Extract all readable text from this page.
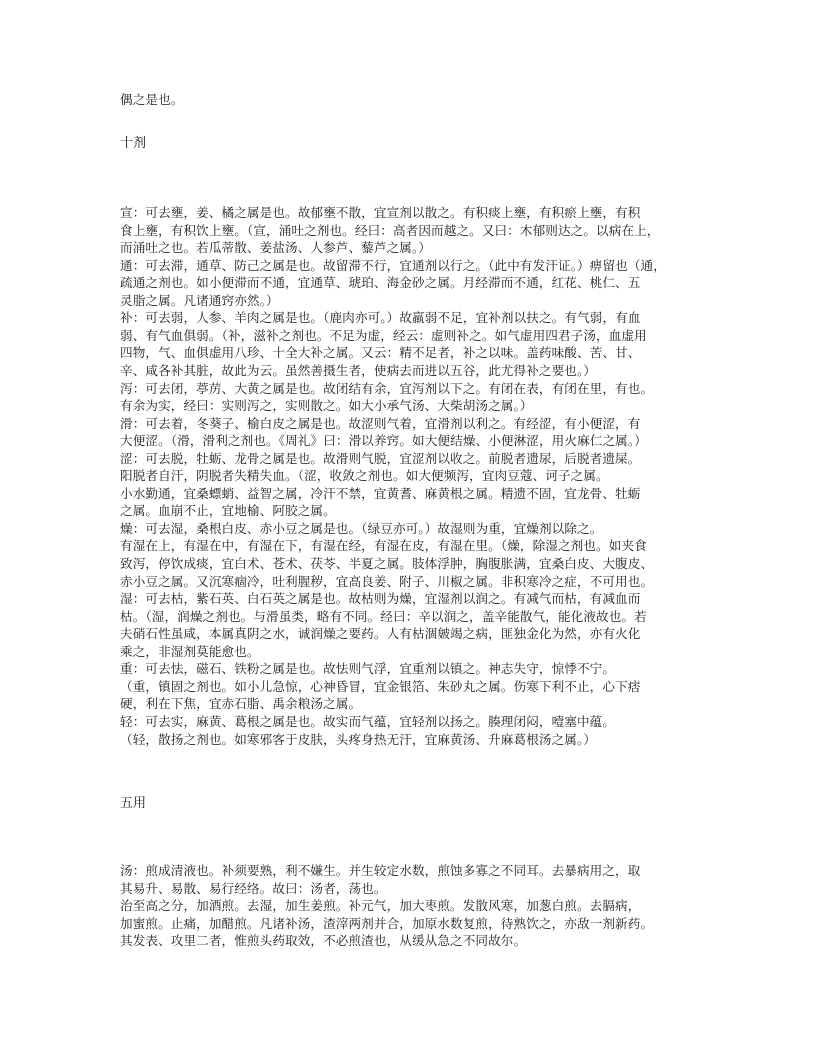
偶之是也。
十剂
宣：可去壅，姜、橘之属是也。故郁壅不散，宜宣剂以散之。有积痰上壅，有积瘀上壅，有积
食上壅，有积饮上壅。（宣，涌吐之剂也。经曰：高者因而越之。又曰：木郁则达之。以病在上，
而涌吐之也。若瓜蒂散、姜盐汤、人参芦、藜芦之属。）
通：可去滞，通草、防己之属是也。故留滞不行，宜通剂以行之。（此中有发汗证。）痹留也（通，
疏通之剂也。如小便滞而不通，宜通草、琥珀、海金砂之属。月经滞而不通，红花、桃仁、五
灵脂之属。凡诸通窍亦然。）
补：可去弱，人参、羊肉之属是也。（鹿肉亦可。）故羸弱不足，宜补剂以扶之。有气弱，有血
弱、有气血俱弱。（补，滋补之剂也。不足为虚，经云：虚则补之。如气虚用四君子汤，血虚用
四物，气、血俱虚用八珍、十全大补之属。又云：精不足者，补之以味。盖药味酸、苦、甘、
辛、咸各补其脏，故此为云。虽然善摄生者，使病去而进以五谷，此尤得补之要也。）
泻：可去闭，葶苈、大黄之属是也。故闭结有余，宜泻剂以下之。有闭在表，有闭在里，有也。
有余为实，经曰：实则泻之，实则散之。如大小承气汤、大柴胡汤之属。）
滑：可去着，冬葵子、榆白皮之属是也。故涩则气着，宜滑剂以利之。有经涩，有小便涩，有
大便涩。（滑，滑利之剂也。《周礼》曰：滑以养窍。如大便结燥、小便淋涩，用火麻仁之属。）
涩：可去脱，牡蛎、龙骨之属是也。故滑则气脱，宜涩剂以收之。前脱者遗尿，后脱者遗屎。
阳脱者自汗，阴脱者失精失血。（涩，收敛之剂也。如大便频泻，宜肉豆蔻、诃子之属。
小水勤通，宜桑螵蛸、益智之属，冷汗不禁，宜黄耆、麻黄根之属。精遗不固，宜龙骨、牡蛎
之属。血崩不止，宜地榆、阿胶之属。
燥：可去湿，桑根白皮、赤小豆之属是也。（绿豆亦可。）故湿则为重，宜燥剂以除之。
有湿在上，有湿在中，有湿在下，有湿在经，有湿在皮，有湿在里。（燥，除湿之剂也。如夹食
致泻，停饮成痰，宜白术、苍术、茯苓、半夏之属。肢体浮肿，胸腹胀满，宜桑白皮、大腹皮、
赤小豆之属。又沉寒痼冷，吐利腥秽，宜高良姜、附子、川椒之属。非积寒冷之症，不可用也。
湿：可去枯，紫石英、白石英之属是也。故枯则为燥，宜湿剂以润之。有减气而枯，有减血而
枯。（湿，润燥之剂也。与滑虽类，略有不同。经曰：辛以润之，盖辛能散气，能化液故也。若
夫硝石性虽咸，本属真阴之水，诚润燥之要药。人有枯涸皴竭之病，匪独金化为然，亦有火化
乘之，非湿剂莫能愈也。
重：可去怯，磁石、铁粉之属是也。故怯则气浮，宜重剂以镇之。神志失守，惊悸不宁。
（重，镇固之剂也。如小儿急惊，心神昏冒，宜金银箔、朱砂丸之属。伤寒下利不止，心下痞
硬，利在下焦，宜赤石脂、禹余粮汤之属。
轻：可去实，麻黄、葛根之属是也。故实而气蕴，宜轻剂以扬之。腠理闭闷，噎塞中蕴。
（轻，散扬之剂也。如寒邪客于皮肤，头疼身热无汗，宜麻黄汤、升麻葛根汤之属。）
五用
汤：煎成清液也。补须要熟，利不嫌生。并生较定水数，煎蚀多寡之不同耳。去暴病用之，取
其易升、易散、易行经络。故曰：汤者，荡也。
治至高之分，加酒煎。去湿，加生姜煎。补元气，加大枣煎。发散风寒，加葱白煎。去膈病，
加蜜煎。止痛，加醋煎。凡诸补汤，渣滓两剂并合，加原水数复煎，待熟饮之，亦敌一剂新药。
其发表、攻里二者，惟煎头药取效，不必煎渣也，从缓从急之不同故尔。
